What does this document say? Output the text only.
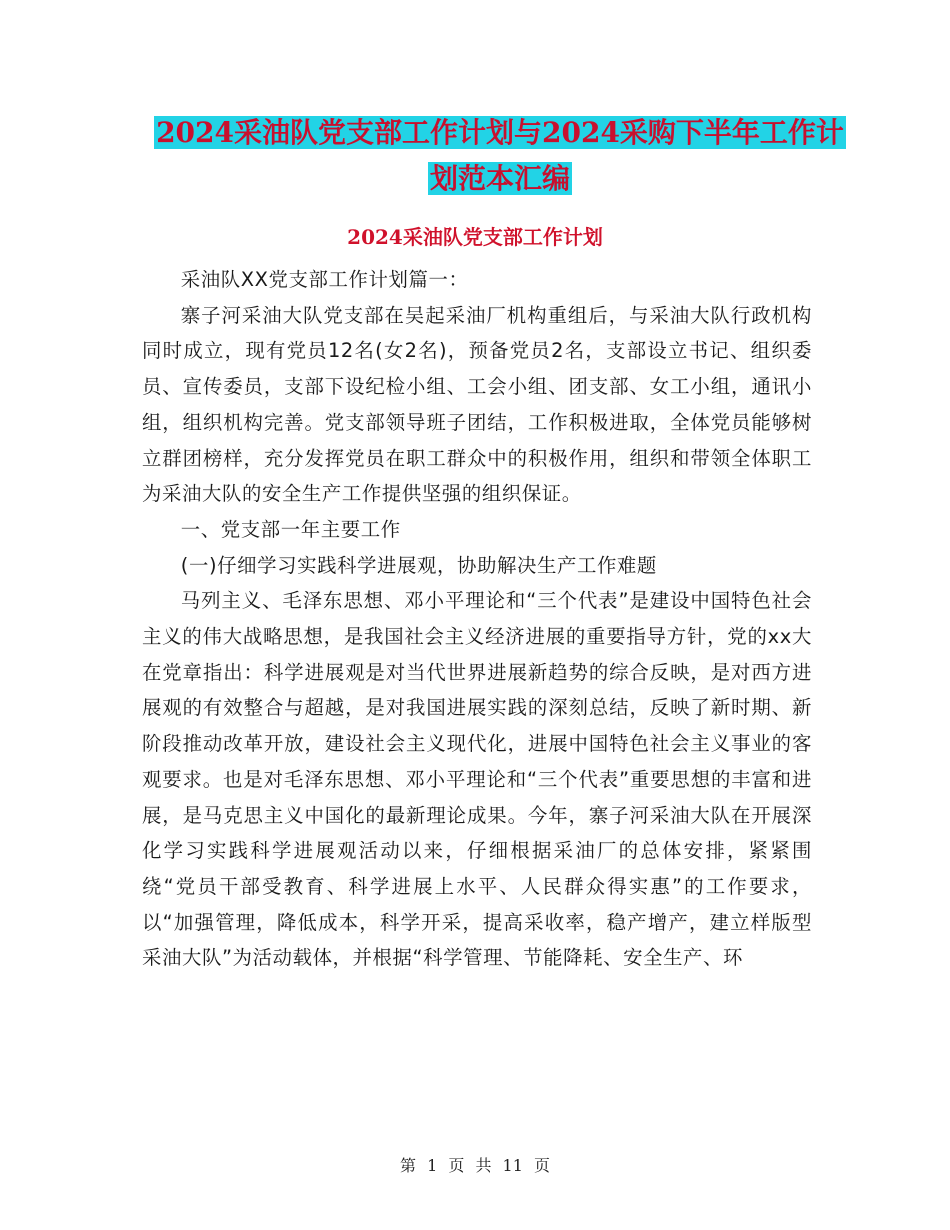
2024采油队党支部工作计划与2024采购下半年工作计
划范本汇编
2024采油队党支部工作计划

采油队XX党支部工作计划篇一：

寨子河采油大队党支部在吴起采油厂机构重组后，与采油大队行政机构同时成立，现有党员12名(女2名)，预备党员2名，支部设立书记、组织委员、宣传委员，支部下设纪检小组、工会小组、团支部、女工小组，通讯小组，组织机构完善。党支部领导班子团结，工作积极进取，全体党员能够树立群团榜样，充分发挥党员在职工群众中的积极作用，组织和带领全体职工为采油大队的安全生产工作提供坚强的组织保证。

一、党支部一年主要工作

(一)仔细学习实践科学进展观，协助解决生产工作难题

马列主义、毛泽东思想、邓小平理论和“三个代表”是建设中国特色社会主义的伟大战略思想，是我国社会主义经济进展的重要指导方针，党的xx大在党章指出：科学进展观是对当代世界进展新趋势的综合反映，是对西方进展观的有效整合与超越，是对我国进展实践的深刻总结，反映了新时期、新阶段推动改革开放，建设社会主义现代化，进展中国特色社会主义事业的客观要求。也是对毛泽东思想、邓小平理论和“三个代表”重要思想的丰富和进展，是马克思主义中国化的最新理论成果。今年，寨子河采油大队在开展深化学习实践科学进展观活动以来，仔细根据采油厂的总体安排，紧紧围绕“党员干部受教育、科学进展上水平、人民群众得实惠”的工作要求，以“加强管理，降低成本，科学开采，提高采收率，稳产增产，建立样版型采油大队”为活动载体，并根据“科学管理、节能降耗、安全生产、环

第 1 页 共 11 页
